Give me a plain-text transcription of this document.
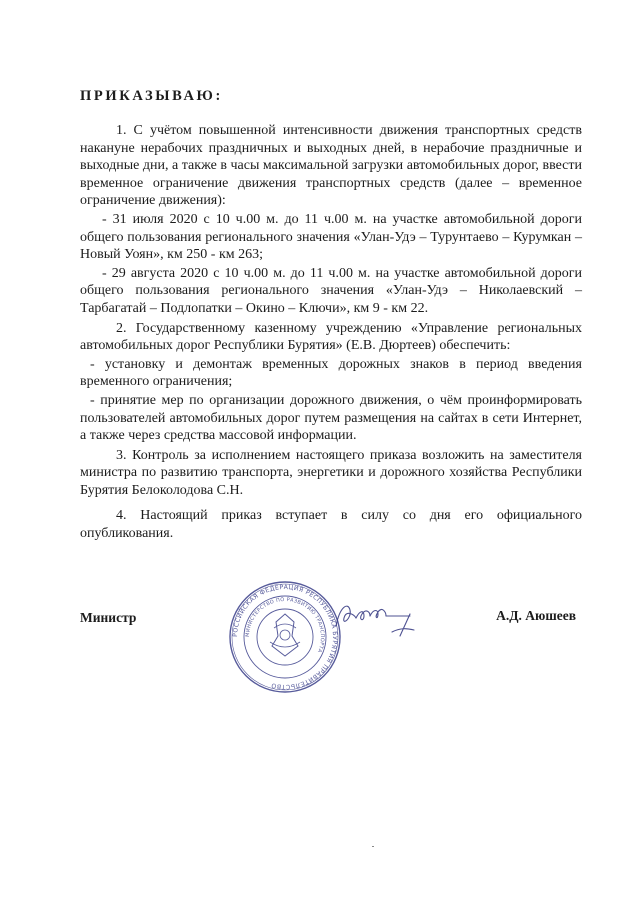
ПРИКАЗЫВАЮ:

1. С учётом повышенной интенсивности движения транспортных средств накануне нерабочих праздничных и выходных дней, в нерабочие праздничные и выходные дни, а также в часы максимальной загрузки автомобильных дорог, ввести временное ограничение движения транспортных средств (далее – временное ограничение движения):

- 31 июля 2020 с 10 ч.00 м. до 11 ч.00 м. на участке автомобильной дороги общего пользования регионального значения «Улан-Удэ – Турунтаево – Курумкан – Новый Уоян», км 250 - км 263;

- 29 августа 2020 с 10 ч.00 м. до 11 ч.00 м. на участке автомобильной дороги общего пользования регионального значения «Улан-Удэ – Николаевский – Тарбагатай – Подлопатки – Окино – Ключи», км 9 - км 22.

2. Государственному казенному учреждению «Управление региональных автомобильных дорог Республики Бурятия» (Е.В. Дюртеев) обеспечить:

- установку и демонтаж временных дорожных знаков в период введения временного ограничения;

- принятие мер по организации дорожного движения, о чём проинформировать пользователей автомобильных дорог путем размещения на сайтах в сети Интернет, а также через средства массовой информации.

3. Контроль за исполнением настоящего приказа возложить на заместителя министра по развитию транспорта, энергетики и дорожного хозяйства Республики Бурятия Белоколодова С.Н.

4. Настоящий приказ вступает в силу со дня его официального опубликования.

Министр	А.Д. Аюшеев
РОССИЙСКАЯ ФЕДЕРАЦИЯ РЕСПУБЛИКА БУРЯТИЯ ПРАВИТЕЛЬСТВО
МИНИСТЕРСТВО ПО РАЗВИТИЮ ТРАНСПОРТА
